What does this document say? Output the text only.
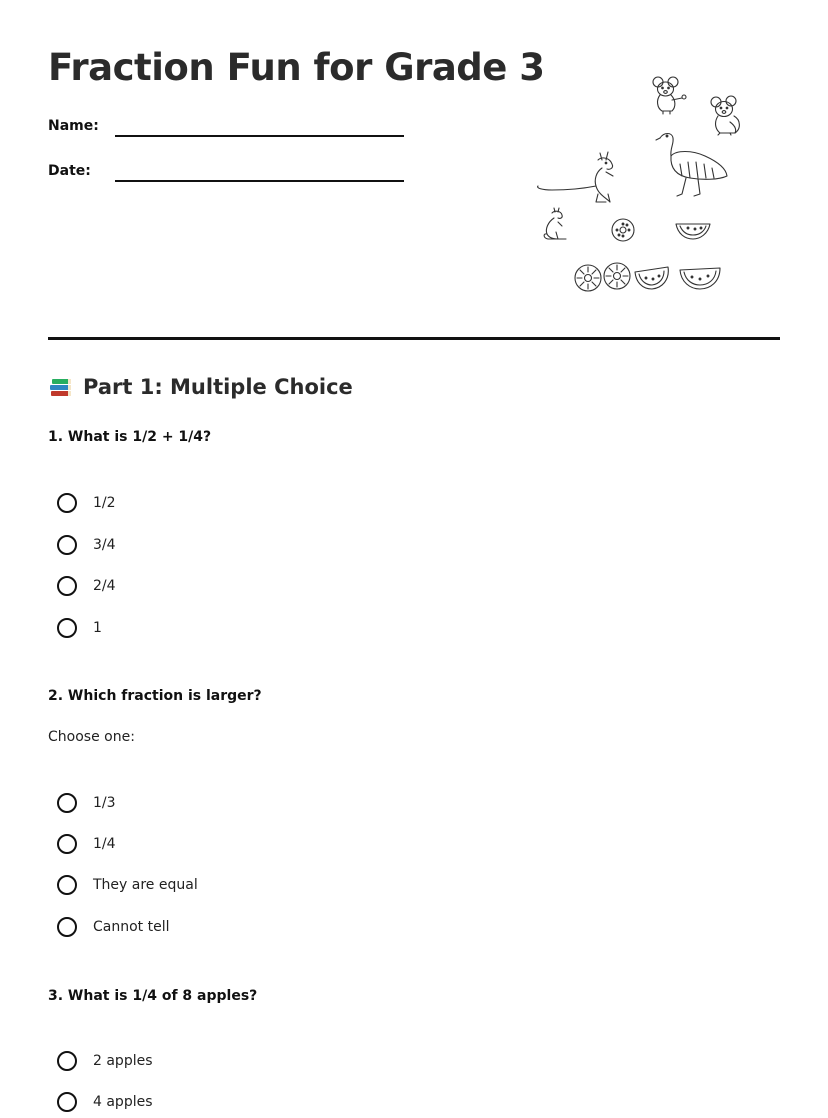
Fraction Fun for Grade 3
Name:
Date:
Part 1: Multiple Choice
1. What is 1/2 + 1/4?
1/2
3/4
2/4
1
2. Which fraction is larger?
Choose one:
1/3
1/4
They are equal
Cannot tell
3. What is 1/4 of 8 apples?
2 apples
4 apples
